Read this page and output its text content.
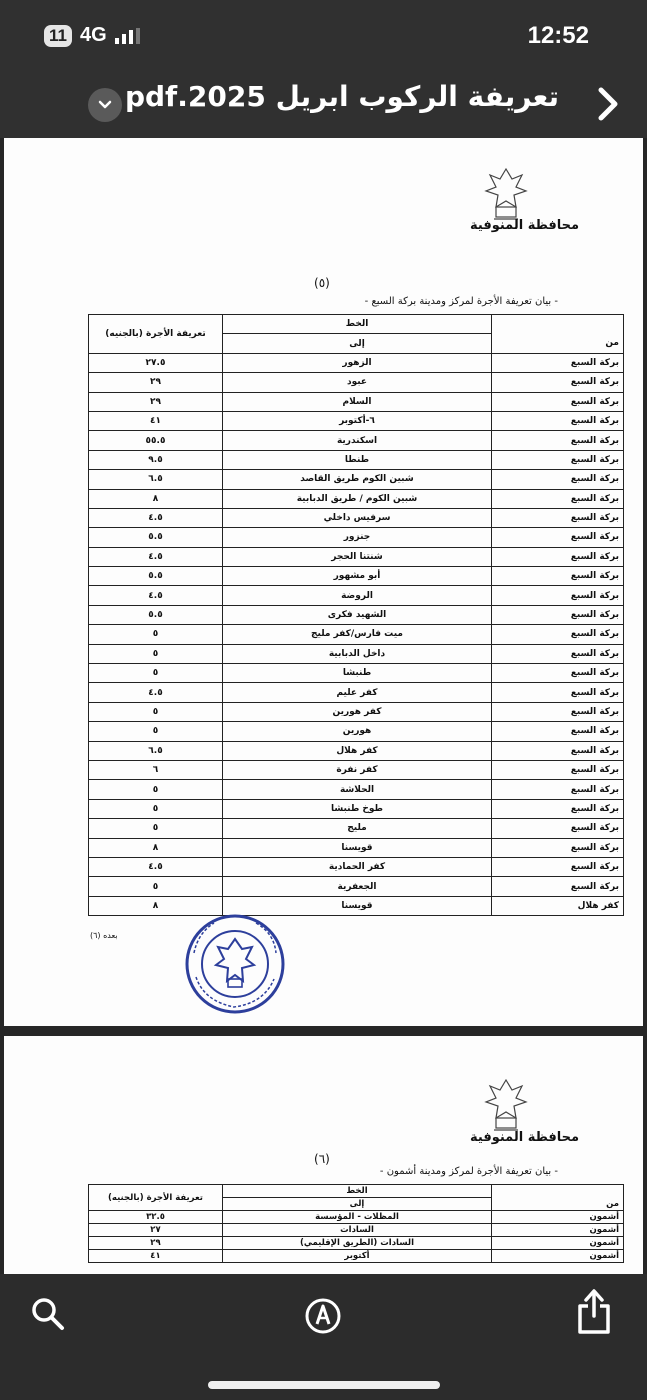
11 4G	12:52
تعريفة الركوب ابريل 2025.pdf
محافظة المنوفية
(٥)
- بيان تعريفة الأجرة لمركز ومدينة بركة السبع -
	الخط	تعريفة الأجرة (بالجنيه)
من	إلى	
بركة السبع	الزهور	٢٧.٥
بركة السبع	عبود	٢٩
بركة السبع	السلام	٢٩
بركة السبع	٦-أكتوبر	٤١
بركة السبع	اسكندرية	٥٥.٥
بركة السبع	طنطا	٩.٥
بركة السبع	شبين الكوم طريق القاصد	٦.٥
بركة السبع	شبين الكوم / طريق الدبابية	٨
بركة السبع	سرفيس داخلي	٤.٥
بركة السبع	جنزور	٥.٥
بركة السبع	شنتنا الحجر	٤.٥
بركة السبع	أبو مشهور	٥.٥
بركة السبع	الروضة	٤.٥
بركة السبع	الشهيد فكرى	٥.٥
بركة السبع	ميت فارس/كفر مليج	٥
بركة السبع	داخل الدبابية	٥
بركة السبع	طنبشا	٥
بركة السبع	كفر عليم	٤.٥
بركة السبع	كفر هورين	٥
بركة السبع	هورين	٥
بركة السبع	كفر هلال	٦.٥
بركة السبع	كفر نفرة	٦
بركة السبع	الحلاشة	٥
بركة السبع	طوخ طنبشا	٥
بركة السبع	مليج	٥
بركة السبع	قويسنا	٨
بركة السبع	كفر الحمادية	٤.٥
بركة السبع	الجعفرية	٥
كفر هلال	قويسنا	٨
بعده (٦)
محافظة المنوفية
(٦)
- بيان تعريفة الأجرة لمركز ومدينة أشمون -
	الخط	تعريفة الأجرة (بالجنيه)
من	إلى	
أشمون	المظلات - المؤسسة	٣٢.٥
أشمون	السادات	٢٧
أشمون	السادات (الطريق الإقليمي)	٢٩
أشمون	أكتوبر	٤١
